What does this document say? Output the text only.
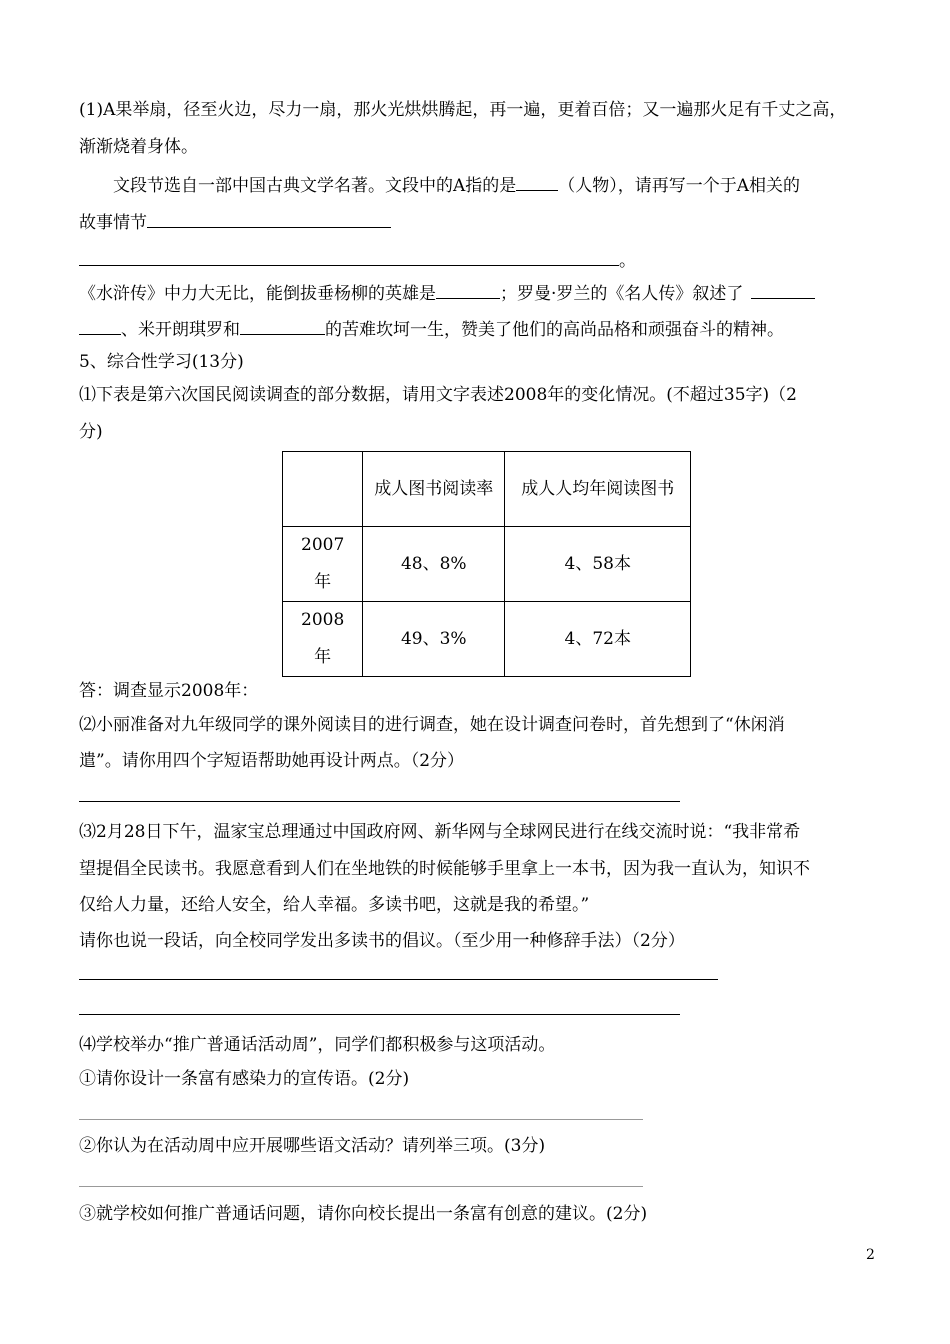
(1)A果举扇，径至火边，尽力一扇，那火光烘烘腾起，再一遍，更着百倍；又一遍那火足有千丈之高，
渐渐烧着身体。
文段节选自一部中国古典文学名著。文段中的A指的是 （人物），请再写一个于A相关的
故事情节
。
《水浒传》中力大无比，能倒拔垂杨柳的英雄是	；罗曼·罗兰的《名人传》叙述了
、米开朗琪罗和	的苦难坎坷一生，赞美了他们的高尚品格和顽强奋斗的精神。
5、综合性学习(13分)
⑴下表是第六次国民阅读调查的部分数据，请用文字表述2008年的变化情况。(不超过35字)（2
分)
	成人图书阅读率	成人人均年阅读图书
2007年	48、8%	4、58本
2008年	49、3%	4、72本
答：调查显示2008年：
⑵小丽准备对九年级同学的课外阅读目的进行调查，她在设计调查问卷时，首先想到了“休闲消
遣”。请你用四个字短语帮助她再设计两点。（2分）
⑶2月28日下午，温家宝总理通过中国政府网、新华网与全球网民进行在线交流时说：“我非常希
望提倡全民读书。我愿意看到人们在坐地铁的时候能够手里拿上一本书，因为我一直认为，知识不
仅给人力量，还给人安全，给人幸福。多读书吧，这就是我的希望。”
请你也说一段话，向全校同学发出多读书的倡议。（至少用一种修辞手法）（2分）
⑷学校举办“推广普通话活动周”，同学们都积极参与这项活动。
①请你设计一条富有感染力的宣传语。(2分)
②你认为在活动周中应开展哪些语文活动？请列举三项。(3分)
③就学校如何推广普通话问题，请你向校长提出一条富有创意的建议。(2分)
2
